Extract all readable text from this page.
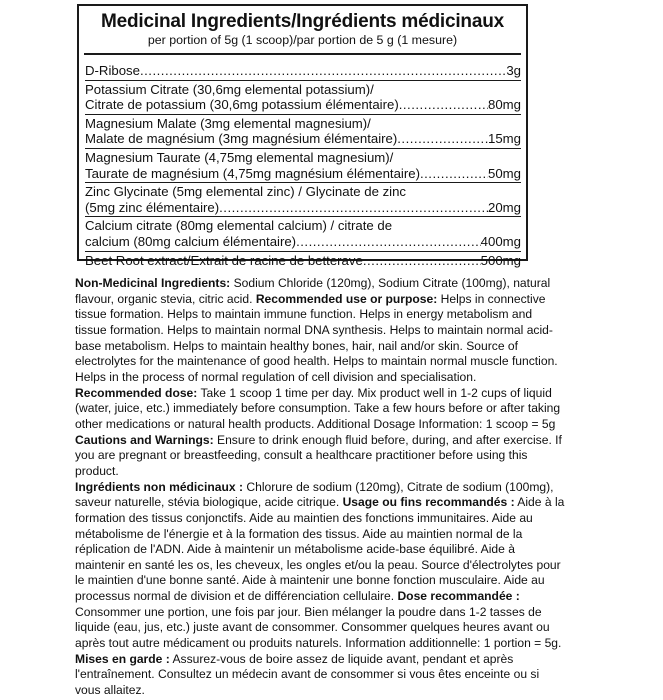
Medicinal Ingredients/Ingrédients médicinaux
per portion of 5g (1 scoop)/par portion de 5 g (1 mesure)
D-Ribose .....	3g
Potassium Citrate (30,6mg elemental potassium)/
Citrate de potassium (30,6mg potassium élémentaire) .....	80mg
Magnesium Malate (3mg elemental magnesium)/
Malate de magnésium (3mg magnésium élémentaire) .....	15mg
Magnesium Taurate (4,75mg elemental magnesium)/
Taurate de magnésium (4,75mg magnésium élémentaire) .....	50mg
Zinc Glycinate (5mg elemental zinc) / Glycinate de zinc
(5mg zinc élémentaire) .....	20mg
Calcium citrate (80mg elemental calcium) / citrate de
calcium (80mg calcium élémentaire) .....	400mg
Beet Root extract/Extrait de racine de betterave .....	500mg

Non-Medicinal Ingredients: Sodium Chloride (120mg), Sodium Citrate (100mg), natural flavour, organic stevia, citric acid. Recommended use or purpose: Helps in connective tissue formation. Helps to maintain immune function. Helps in energy metabolism and tissue formation. Helps to maintain normal DNA synthesis. Helps to maintain normal acid-base metabolism. Helps to maintain healthy bones, hair, nail and/or skin. Source of electrolytes for the maintenance of good health. Helps to maintain normal muscle function. Helps in the process of normal regulation of cell division and specialisation.
Recommended dose: Take 1 scoop 1 time per day. Mix product well in 1-2 cups of liquid (water, juice, etc.) immediately before consumption. Take a few hours before or after taking other medications or natural health products. Additional Dosage Information: 1 scoop = 5g
Cautions and Warnings: Ensure to drink enough fluid before, during, and after exercise. If you are pregnant or breastfeeding, consult a healthcare practitioner before using this product.

Ingrédients non médicinaux : Chlorure de sodium (120mg), Citrate de sodium (100mg), saveur naturelle, stévia biologique, acide citrique. Usage ou fins recommandés : Aide à la formation des tissus conjonctifs. Aide au maintien des fonctions immunitaires. Aide au métabolisme de l'énergie et à la formation des tissus. Aide au maintien normal de la réplication de l'ADN. Aide à maintenir un métabolisme acide-base équilibré. Aide à maintenir en santé les os, les cheveux, les ongles et/ou la peau. Source d'électrolytes pour le maintien d'une bonne santé. Aide à maintenir une bonne fonction musculaire. Aide au processus normal de division et de différenciation cellulaire. Dose recommandée : Consommer une portion, une fois par jour. Bien mélanger la poudre dans 1-2 tasses de liquide (eau, jus, etc.) juste avant de consommer. Consommer quelques heures avant ou après tout autre médicament ou produits naturels. Information additionnelle: 1 portion = 5g. Mises en garde : Assurez-vous de boire assez de liquide avant, pendant et après l'entraînement. Consultez un médecin avant de consommer si vous êtes enceinte ou si vous allaitez.
